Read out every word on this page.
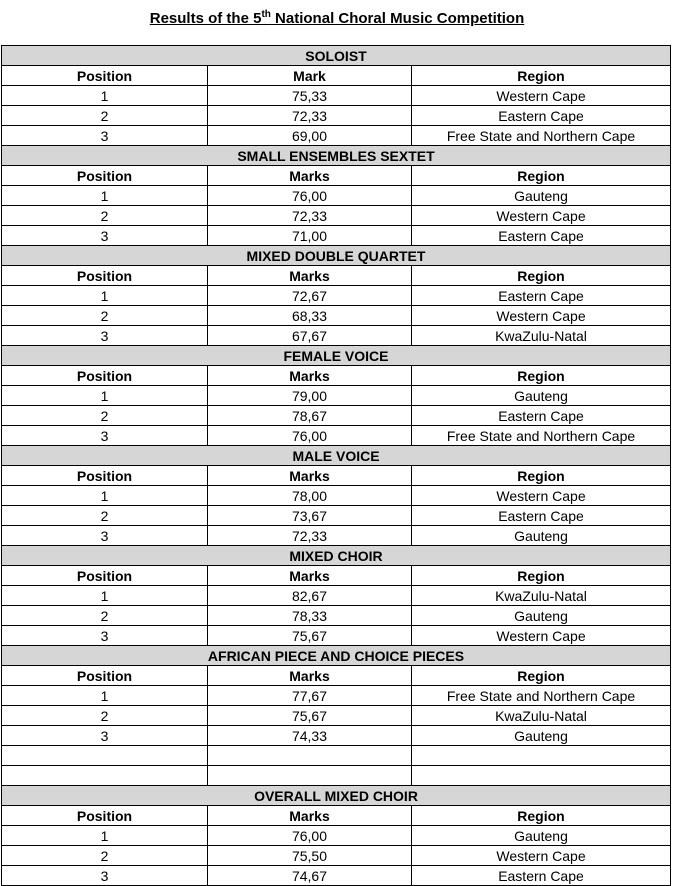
Results of the 5th National Choral Music Competition
SOLOIST		
Position	Mark	Region
1	75,33	Western Cape
2	72,33	Eastern Cape
3	69,00	Free State and Northern Cape
SMALL ENSEMBLES SEXTET		
Position	Marks	Region
1	76,00	Gauteng
2	72,33	Western Cape
3	71,00	Eastern Cape
MIXED DOUBLE QUARTET		
Position	Marks	Region
1	72,67	Eastern Cape
2	68,33	Western Cape
3	67,67	KwaZulu-Natal
FEMALE VOICE		
Position	Marks	Region
1	79,00	Gauteng
2	78,67	Eastern Cape
3	76,00	Free State and Northern Cape
MALE VOICE		
Position	Marks	Region
1	78,00	Western Cape
2	73,67	Eastern Cape
3	72,33	Gauteng
MIXED CHOIR		
Position	Marks	Region
1	82,67	KwaZulu-Natal
2	78,33	Gauteng
3	75,67	Western Cape
AFRICAN PIECE AND CHOICE PIECES		
Position	Marks	Region
1	77,67	Free State and Northern Cape
2	75,67	KwaZulu-Natal
3	74,33	Gauteng

OVERALL MIXED CHOIR		
Position	Marks	Region
1	76,00	Gauteng
2	75,50	Western Cape
3	74,67	Eastern Cape
